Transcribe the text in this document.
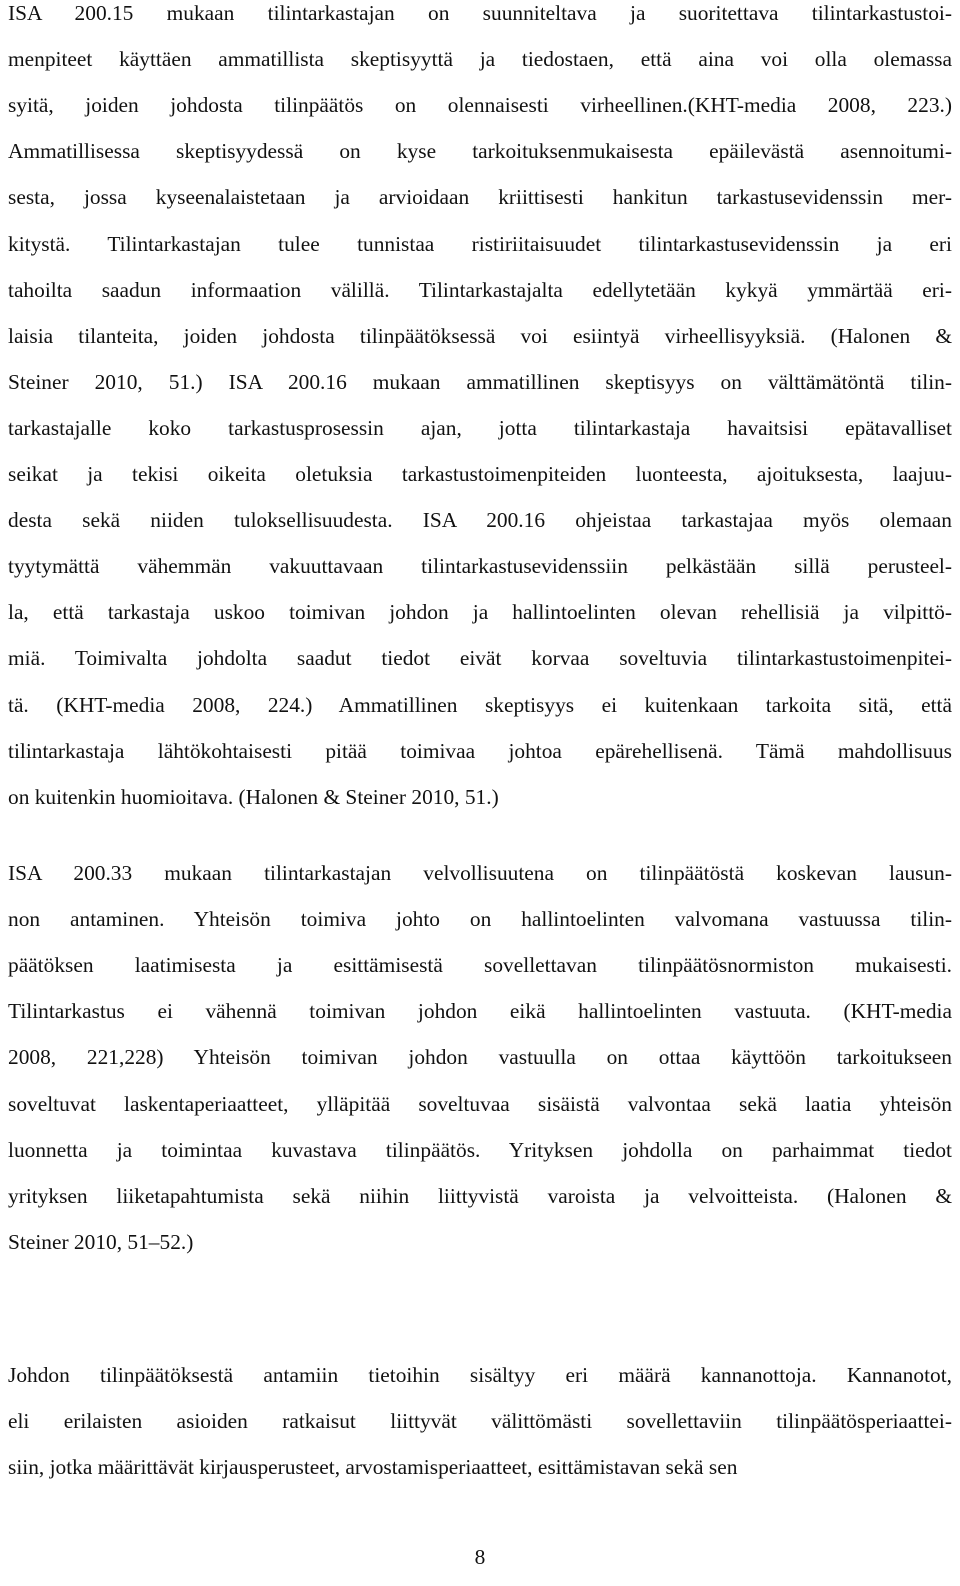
ISA 200.15 mukaan tilintarkastajan on suunniteltava ja suoritettava tilintarkastustoi-
menpiteet käyttäen ammatillista skeptisyyttä ja tiedostaen, että aina voi olla olemassa
syitä, joiden johdosta tilinpäätös on olennaisesti virheellinen.(KHT-media 2008, 223.)
Ammatillisessa skeptisyydessä on kyse tarkoituksenmukaisesta epäilevästä asennoitumi-
sesta, jossa kyseenalaistetaan ja arvioidaan kriittisesti hankitun tarkastusevidenssin mer-
kitystä. Tilintarkastajan tulee tunnistaa ristiriitaisuudet tilintarkastusevidenssin ja eri
tahoilta saadun informaation välillä. Tilintarkastajalta edellytetään kykyä ymmärtää eri-
laisia tilanteita, joiden johdosta tilinpäätöksessä voi esiintyä virheellisyyksiä. (Halonen &
Steiner 2010, 51.) ISA 200.16 mukaan ammatillinen skeptisyys on välttämätöntä tilin-
tarkastajalle koko tarkastusprosessin ajan, jotta tilintarkastaja havaitsisi epätavalliset
seikat ja tekisi oikeita oletuksia tarkastustoimenpiteiden luonteesta, ajoituksesta, laajuu-
desta sekä niiden tuloksellisuudesta. ISA 200.16 ohjeistaa tarkastajaa myös olemaan
tyytymättä vähemmän vakuuttavaan tilintarkastusevidenssiin pelkästään sillä perusteel-
la, että tarkastaja uskoo toimivan johdon ja hallintoelinten olevan rehellisiä ja vilpittö-
miä. Toimivalta johdolta saadut tiedot eivät korvaa soveltuvia tilintarkastustoimenpitei-
tä. (KHT-media 2008, 224.) Ammatillinen skeptisyys ei kuitenkaan tarkoita sitä, että
tilintarkastaja lähtökohtaisesti pitää toimivaa johtoa epärehellisenä. Tämä mahdollisuus
on kuitenkin huomioitava. (Halonen & Steiner 2010, 51.)
ISA 200.33 mukaan tilintarkastajan velvollisuutena on tilinpäätöstä koskevan lausun-
non antaminen. Yhteisön toimiva johto on hallintoelinten valvomana vastuussa tilin-
päätöksen laatimisesta ja esittämisestä sovellettavan tilinpäätösnormiston mukaisesti.
Tilintarkastus ei vähennä toimivan johdon eikä hallintoelinten vastuuta. (KHT-media
2008, 221,228) Yhteisön toimivan johdon vastuulla on ottaa käyttöön tarkoitukseen
soveltuvat laskentaperiaatteet, ylläpitää soveltuvaa sisäistä valvontaa sekä laatia yhteisön
luonnetta ja toimintaa kuvastava tilinpäätös. Yrityksen johdolla on parhaimmat tiedot
yrityksen liiketapahtumista sekä niihin liittyvistä varoista ja velvoitteista. (Halonen &
Steiner 2010, 51–52.)
Johdon tilinpäätöksestä antamiin tietoihin sisältyy eri määrä kannanottoja. Kannanotot,
eli erilaisten asioiden ratkaisut liittyvät välittömästi sovellettaviin tilinpäätösperiaattei-
siin, jotka määrittävät kirjausperusteet, arvostamisperiaatteet, esittämistavan sekä sen
8
